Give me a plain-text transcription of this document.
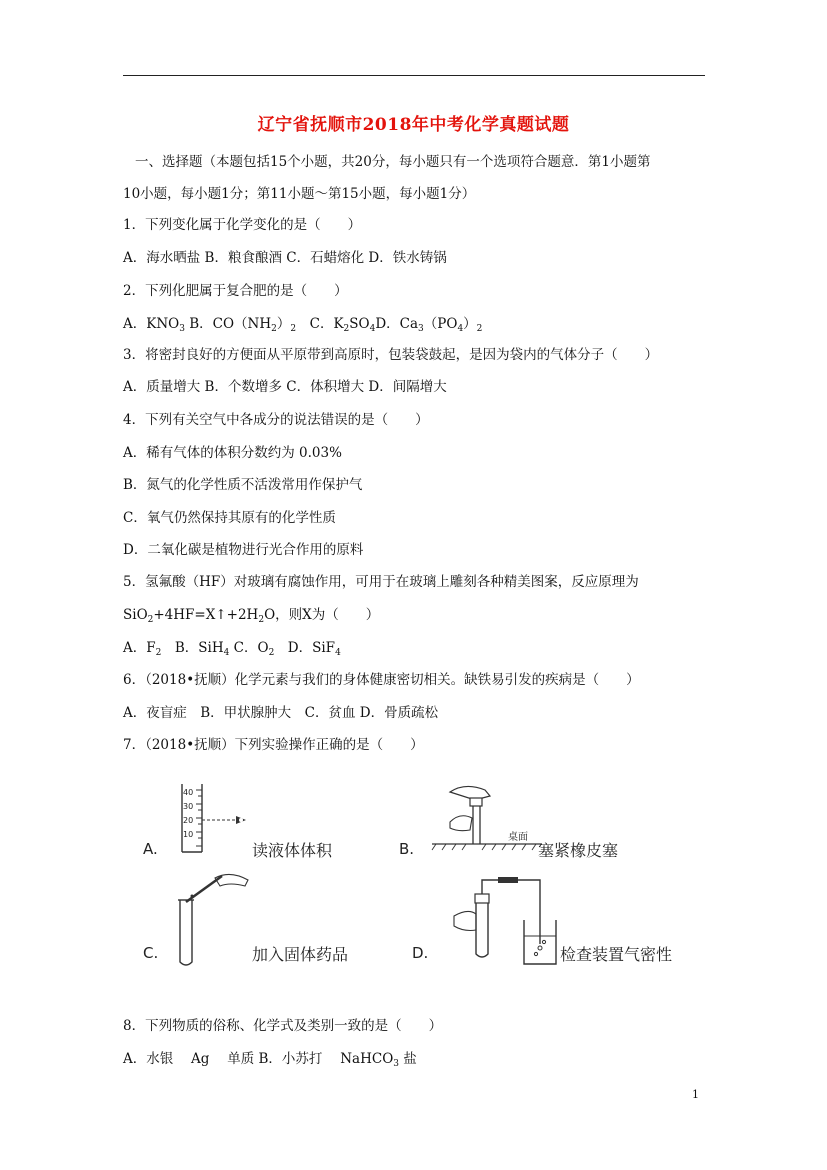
辽宁省抚顺市2018年中考化学真题试题
一、选择题（本题包括15个小题，共20分，每小题只有一个选项符合题意．第1小题第
10小题，每小题1分；第11小题～第15小题，每小题1分）
1．下列变化属于化学变化的是（　　）
A．海水晒盐 B．粮食酿酒 C．石蜡熔化 D．铁水铸锅
2．下列化肥属于复合肥的是（　　）
A．$KNO_3$ B．$CO(NH_2)_2$　C．$K_2SO_4D$．$Ca_3(PO_4)_2$
3．将密封良好的方便面从平原带到高原时，包装袋鼓起，是因为袋内的气体分子（　　）
A．质量增大 B．个数增多 C．体积增大 D．间隔增大
4．下列有关空气中各成分的说法错误的是（　　）
A．稀有气体的体积分数约为 0.03%
B．氮气的化学性质不活泼常用作保护气
C．氧气仍然保持其原有的化学性质
D．二氧化碳是植物进行光合作用的原料
5．氢氟酸（HF）对玻璃有腐蚀作用，可用于在玻璃上雕刻各种精美图案，反应原理为
$SiO_2+4HF=X↑+2H_2O$，则X为（　　）
A．$F_2$　B．SiH$_4$ C．$O_2$　D．SiF$_4$
6．（2018•抚顺）化学元素与我们的身体健康密切相关。缺铁易引发的疾病是（　　）
A．夜盲症　B．甲状腺肿大　C．贫血 D．骨质疏松
7．（2018•抚顺）下列实验操作正确的是（　　）
40
30
20
10
A.	读液体体积
桌面
B.	塞紧橡皮塞
C.	加入固体药品	D.	检查装置气密性
8．下列物质的俗称、化学式及类别一致的是（　　）
A．水银　 Ag　 单质 B．小苏打　 NaHCO$_3$ 盐
1
